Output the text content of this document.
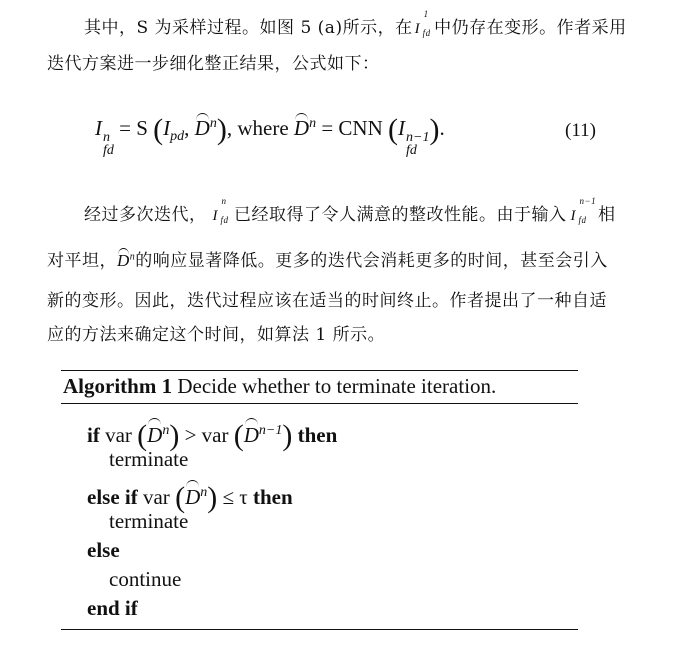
其中，S 为采样过程。如图 5 (a)所示，在 I
1
fd 中仍存在变形。作者采用
迭代方案进一步细化整正结果，公式如下：
I n
fd
= S ($I_{pd}$, $D^n$), where $D^n$ = CNN (I n−1
fd
).	(11)
经过多次迭代， I
n
fd 已经取得了令人满意的整改性能。由于输入 I
n−1
fd 相
对平坦，$D^n$的响应显著降低。更多的迭代会消耗更多的时间，甚至会引入
新的变形。因此，迭代过程应该在适当的时间终止。作者提出了一种自适
应的方法来确定这个时间，如算法 1 所示。
Algorithm 1 Decide whether to terminate iteration.
if var $(D^n)$ > var $(D^{n-1})$ then
terminate
else if var $(D^n) \le \tau$ then
terminate
else
continue
end if
